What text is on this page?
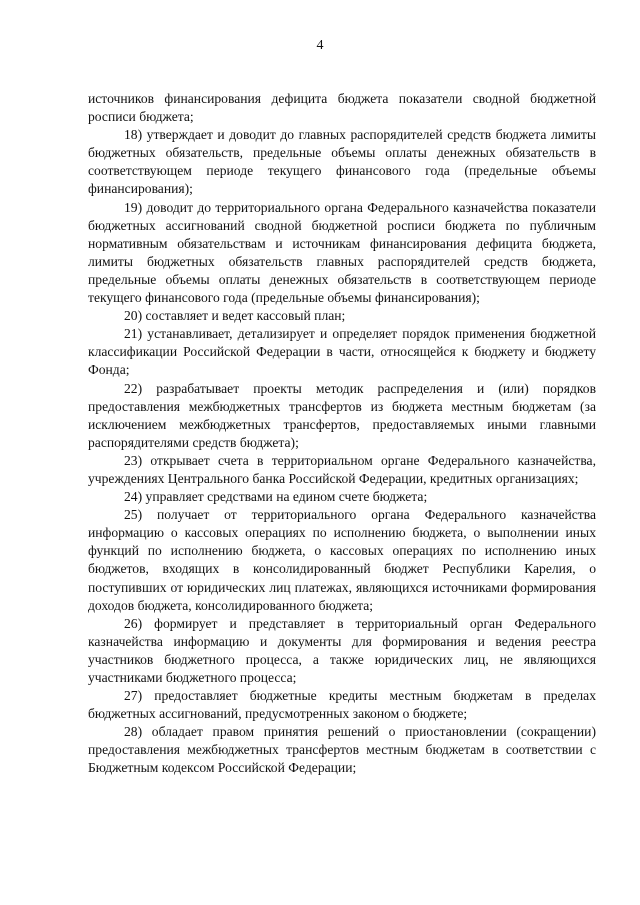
4

источников финансирования дефицита бюджета показатели сводной бюджетной росписи бюджета;

18) утверждает и доводит до главных распорядителей средств бюджета лимиты бюджетных обязательств, предельные объемы оплаты денежных обязательств в соответствующем периоде текущего финансового года (предельные объемы финансирования);

19) доводит до территориального органа Федерального казначейства показатели бюджетных ассигнований сводной бюджетной росписи бюджета по публичным нормативным обязательствам и источникам финансирования дефицита бюджета, лимиты бюджетных обязательств главных распорядителей средств бюджета, предельные объемы оплаты денежных обязательств в соответствующем периоде текущего финансового года (предельные объемы финансирования);

20) составляет и ведет кассовый план;

21) устанавливает, детализирует и определяет порядок применения бюджетной классификации Российской Федерации в части, относящейся к бюджету и бюджету Фонда;

22) разрабатывает проекты методик распределения и (или) порядков предоставления межбюджетных трансфертов из бюджета местным бюджетам (за исключением межбюджетных трансфертов, предоставляемых иными главными распорядителями средств бюджета);

23) открывает счета в территориальном органе Федерального казначейства, учреждениях Центрального банка Российской Федерации, кредитных организациях;

24) управляет средствами на едином счете бюджета;

25) получает от территориального органа Федерального казначейства информацию о кассовых операциях по исполнению бюджета, о выполнении иных функций по исполнению бюджета, о кассовых операциях по исполнению иных бюджетов, входящих в консолидированный бюджет Республики Карелия, о поступивших от юридических лиц платежах, являющихся источниками формирования доходов бюджета, консолидированного бюджета;

26) формирует и представляет в территориальный орган Федерального казначейства информацию и документы для формирования и ведения реестра участников бюджетного процесса, а также юридических лиц, не являющихся участниками бюджетного процесса;

27) предоставляет бюджетные кредиты местным бюджетам в пределах бюджетных ассигнований, предусмотренных законом о бюджете;

28) обладает правом принятия решений о приостановлении (сокращении) предоставления межбюджетных трансфертов местным бюджетам в соответствии с Бюджетным кодексом Российской Федерации;
